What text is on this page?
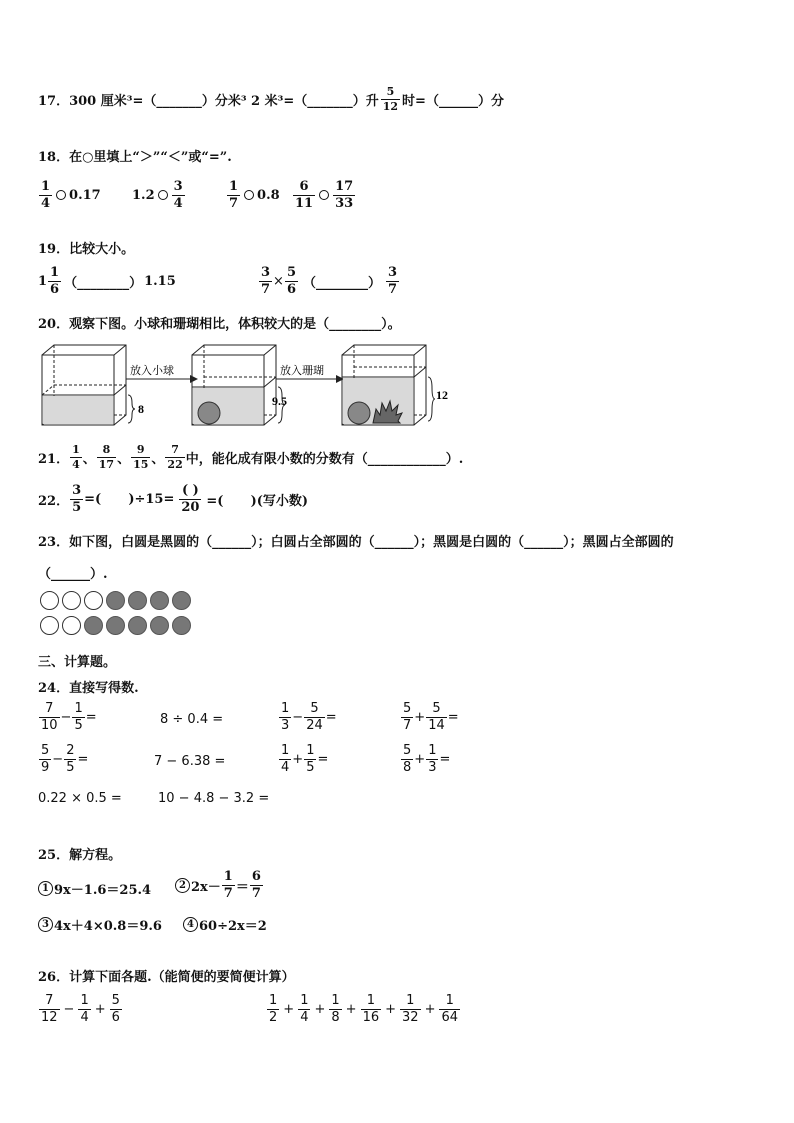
17． 300 厘米³=（_______）分米³ 2 米³=（_______）升 $\frac{5}{12}$ 时=（______）分
18．在○里填上“＞”“＜”或“=”.
$\frac{1}{4} 0.17$ $1.2 \frac{3}{4}$	$\frac{1}{7} 0.8 \frac{6}{11} \frac{17}{33}$
19．比较大小。
$1 \frac{1}{6}$ （________） 1.15	$\frac{3}{7} \times \frac{5}{6}$ （________） $\frac{3}{7}$
20．观察下图。小球和珊瑚相比，体积较大的是（________）。
8
放入小球
9.5
放入珊瑚
12
21． $\frac{1}{4}$ 、 $\frac{8}{17}$ 、 $\frac{9}{15}$ 、 $\frac{7}{22}$ 中，能化成有限小数的分数有（____________）.
22． $\frac{3}{5}$ =(      )$\div 15= \frac{( )}{20}$ =(      )(写小数)
23．如下图，白圆是黑圆的（______）；白圆占全部圆的（______）；黑圆是白圆的（______）；黑圆占全部圆的
（______）.
三、计算题。
24．直接写得数.
$\frac{7}{10} - \frac{1}{5}$ =	8 ÷ 0.4 =	$\frac{1}{3} - \frac{5}{24}$ =	$\frac{5}{7} + \frac{5}{14}$ =
$\frac{5}{9} - \frac{2}{5}$ =	7 − 6.38 =	$\frac{1}{4} + \frac{1}{5}$ =	$\frac{5}{8} + \frac{1}{3}$ =
0.22 × 0.5 =	10 − 4.8 − 3.2 =
25．解方程。
1 9x－1.6＝25.4	2 $2x- \frac{1}{7} = \frac{6}{7}$
3 4x＋4×0.8＝9.6	4 60÷2x＝2
26．计算下面各题.（能简便的要简便计算）
$\frac{7}{12} - \frac{1}{4} + \frac{5}{6}$	$\frac{1}{2} + \frac{1}{4} + \frac{1}{8} + \frac{1}{16} + \frac{1}{32} + \frac{1}{64}$
